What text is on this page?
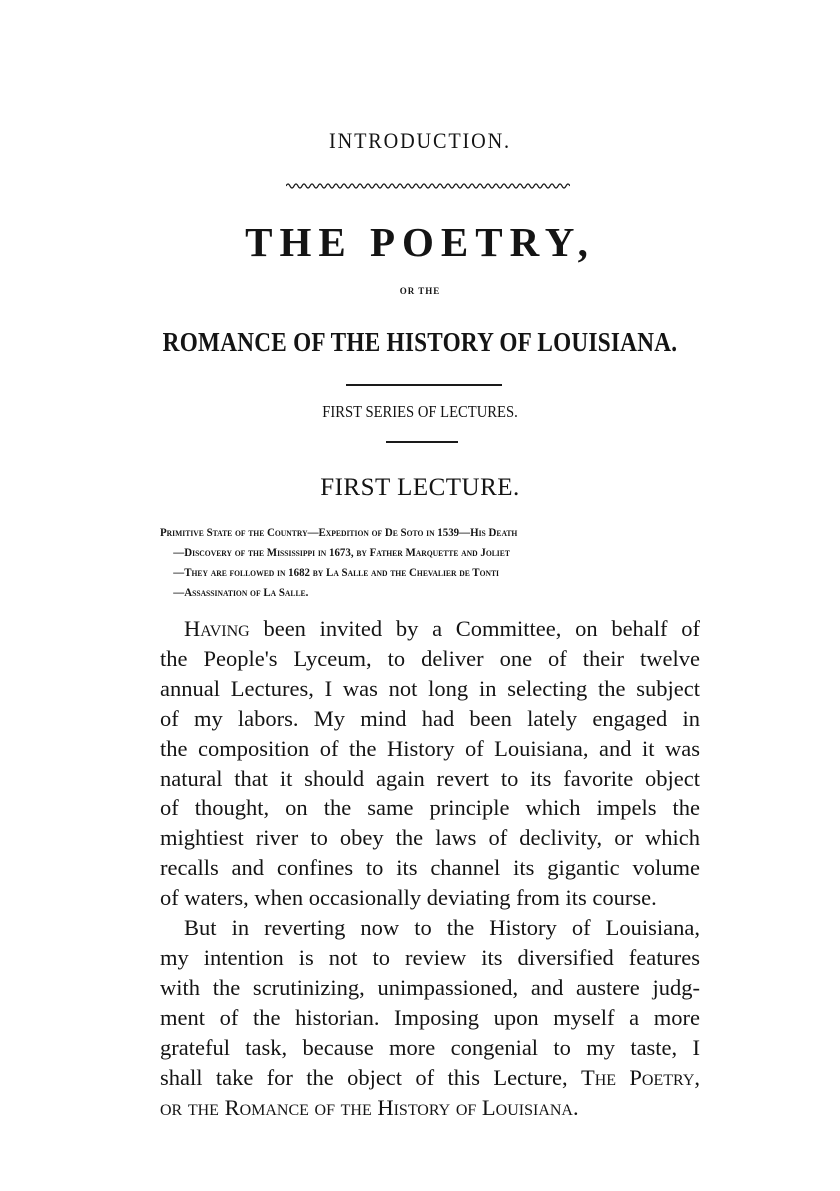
INTRODUCTION.
THE POETRY,
OR THE
ROMANCE OF THE HISTORY OF LOUISIANA.
FIRST SERIES OF LECTURES.
FIRST LECTURE.
Primitive State of the Country—Expedition of De Soto in 1539—His Death
—Discovery of the Mississippi in 1673, by Father Marquette and Joliet
—They are followed in 1682 by La Salle and the Chevalier de Tonti
—Assassination of La Salle.
Having been invited by a Committee, on behalf of
the People's Lyceum, to deliver one of their twelve
annual Lectures, I was not long in selecting the subject
of my labors. My mind had been lately engaged in
the composition of the History of Louisiana, and it was
natural that it should again revert to its favorite object
of thought, on the same principle which impels the
mightiest river to obey the laws of declivity, or which
recalls and confines to its channel its gigantic volume
of waters, when occasionally deviating from its course.
But in reverting now to the History of Louisiana,
my intention is not to review its diversified features
with the scrutinizing, unimpassioned, and austere judg-
ment of the historian. Imposing upon myself a more
grateful task, because more congenial to my taste, I
shall take for the object of this Lecture, The Poetry,
or the Romance of the History of Louisiana.
